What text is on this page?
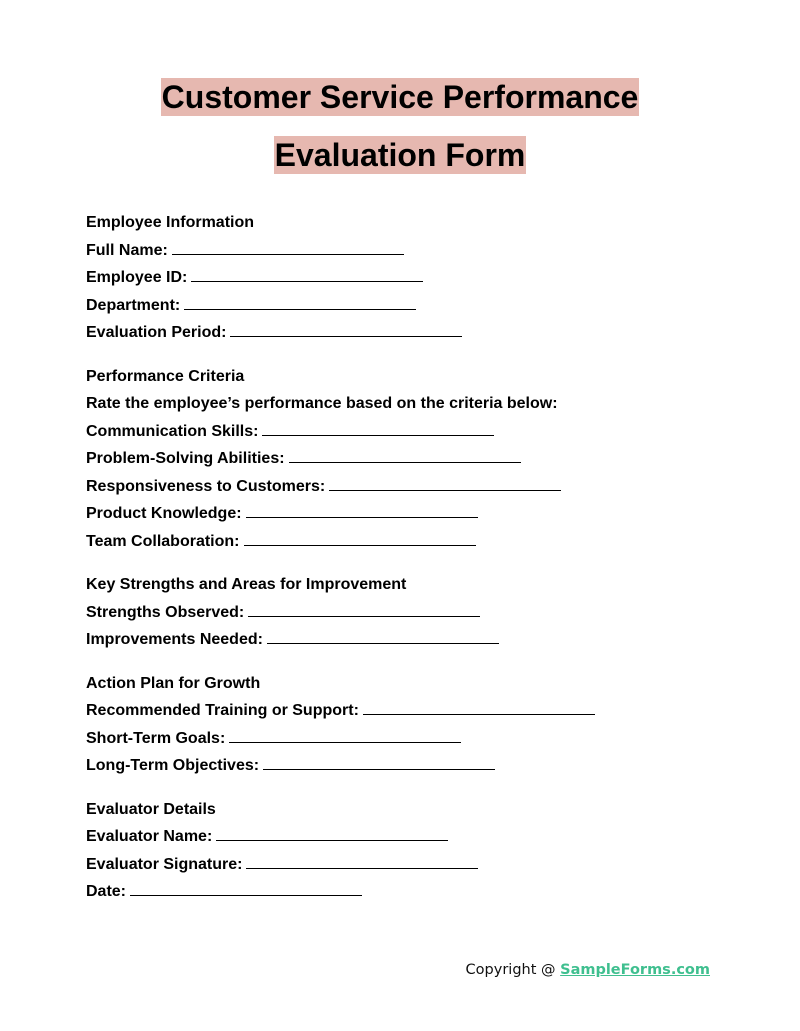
Customer Service Performance
Evaluation Form
Employee Information
Full Name:
Employee ID:
Department:
Evaluation Period:
Performance Criteria
Rate the employee’s performance based on the criteria below:
Communication Skills:
Problem-Solving Abilities:
Responsiveness to Customers:
Product Knowledge:
Team Collaboration:
Key Strengths and Areas for Improvement
Strengths Observed:
Improvements Needed:
Action Plan for Growth
Recommended Training or Support:
Short-Term Goals:
Long-Term Objectives:
Evaluator Details
Evaluator Name:
Evaluator Signature:
Date:
Copyright @ SampleForms.com
